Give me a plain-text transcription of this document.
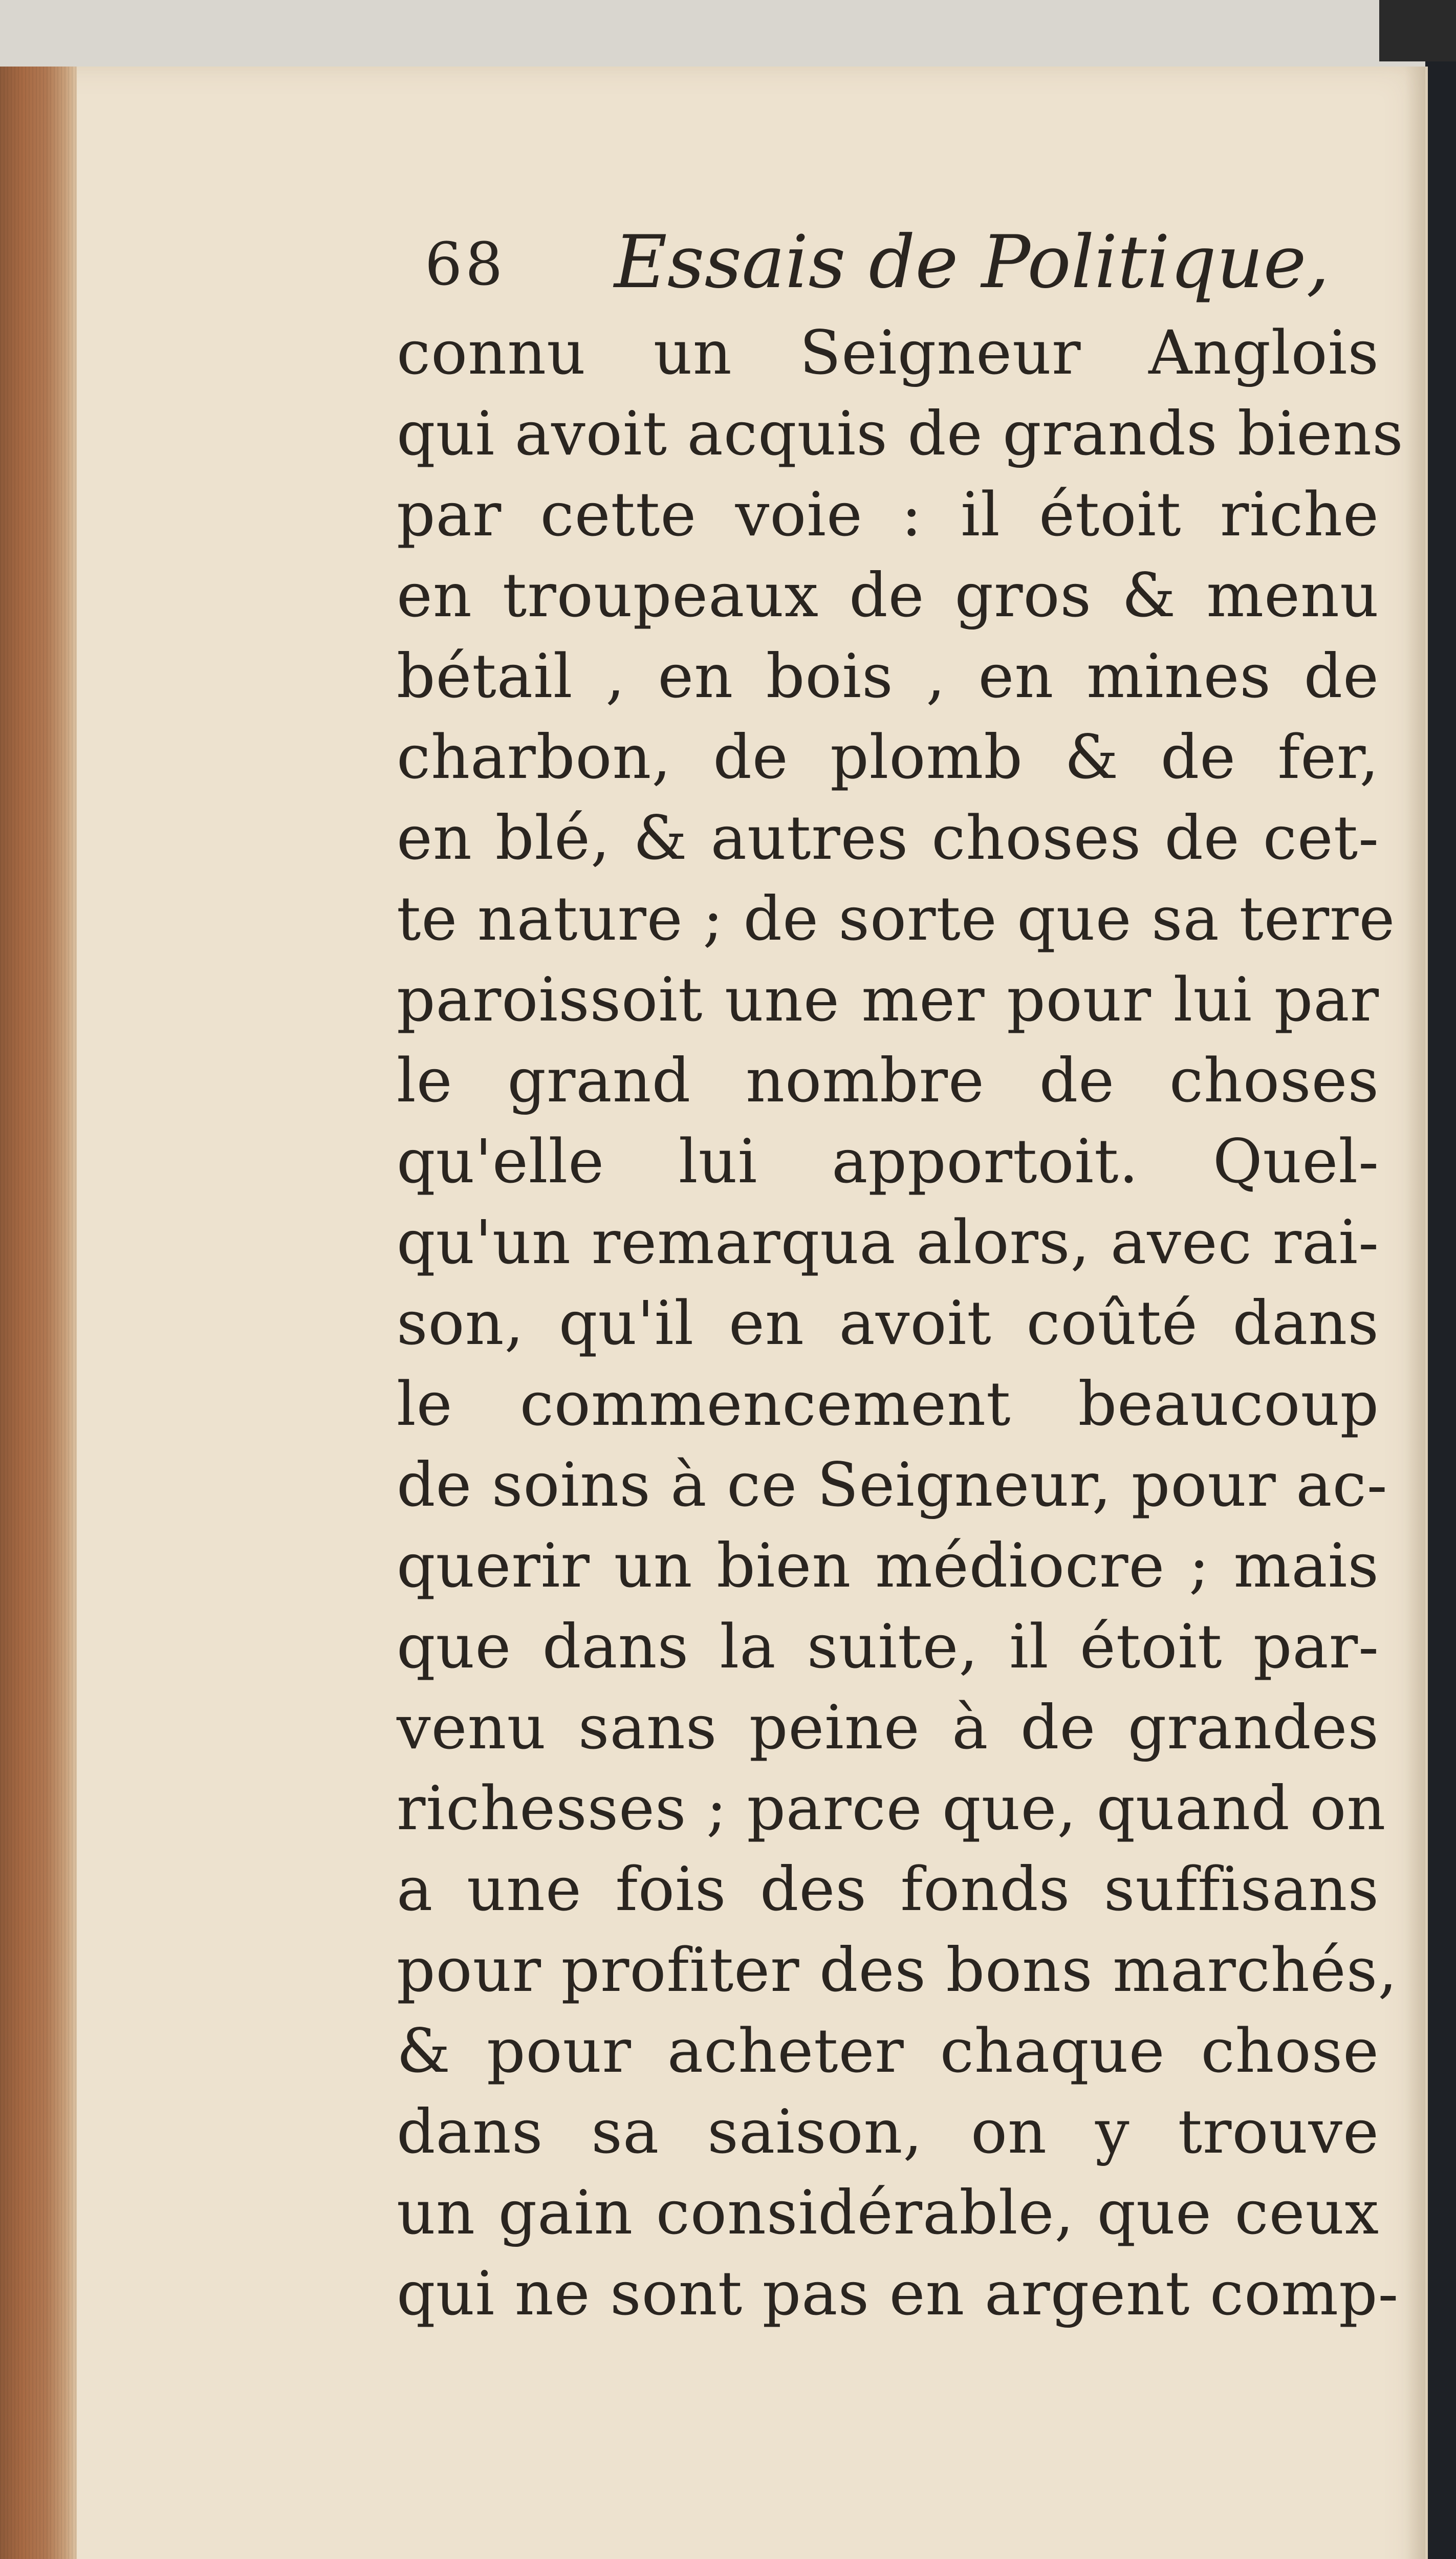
68 Essais de Politique,
connu un Seigneur Anglois
qui avoit acquis de grands biens
par cette voie : il étoit riche
en troupeaux de gros & menu
bétail , en bois , en mines de
charbon, de plomb & de fer,
en blé, & autres choses de cet-
te nature ; de sorte que sa terre
paroissoit une mer pour lui par
le grand nombre de choses
qu'elle lui apportoit. Quel-
qu'un remarqua alors, avec rai-
son, qu'il en avoit coûté dans
le commencement beaucoup
de soins à ce Seigneur, pour ac-
querir un bien médiocre ; mais
que dans la suite, il étoit par-
venu sans peine à de grandes
richesses ; parce que, quand on
a une fois des fonds suffisans
pour profiter des bons marchés,
& pour acheter chaque chose
dans sa saison, on y trouve
un gain considérable, que ceux
qui ne sont pas en argent comp-
